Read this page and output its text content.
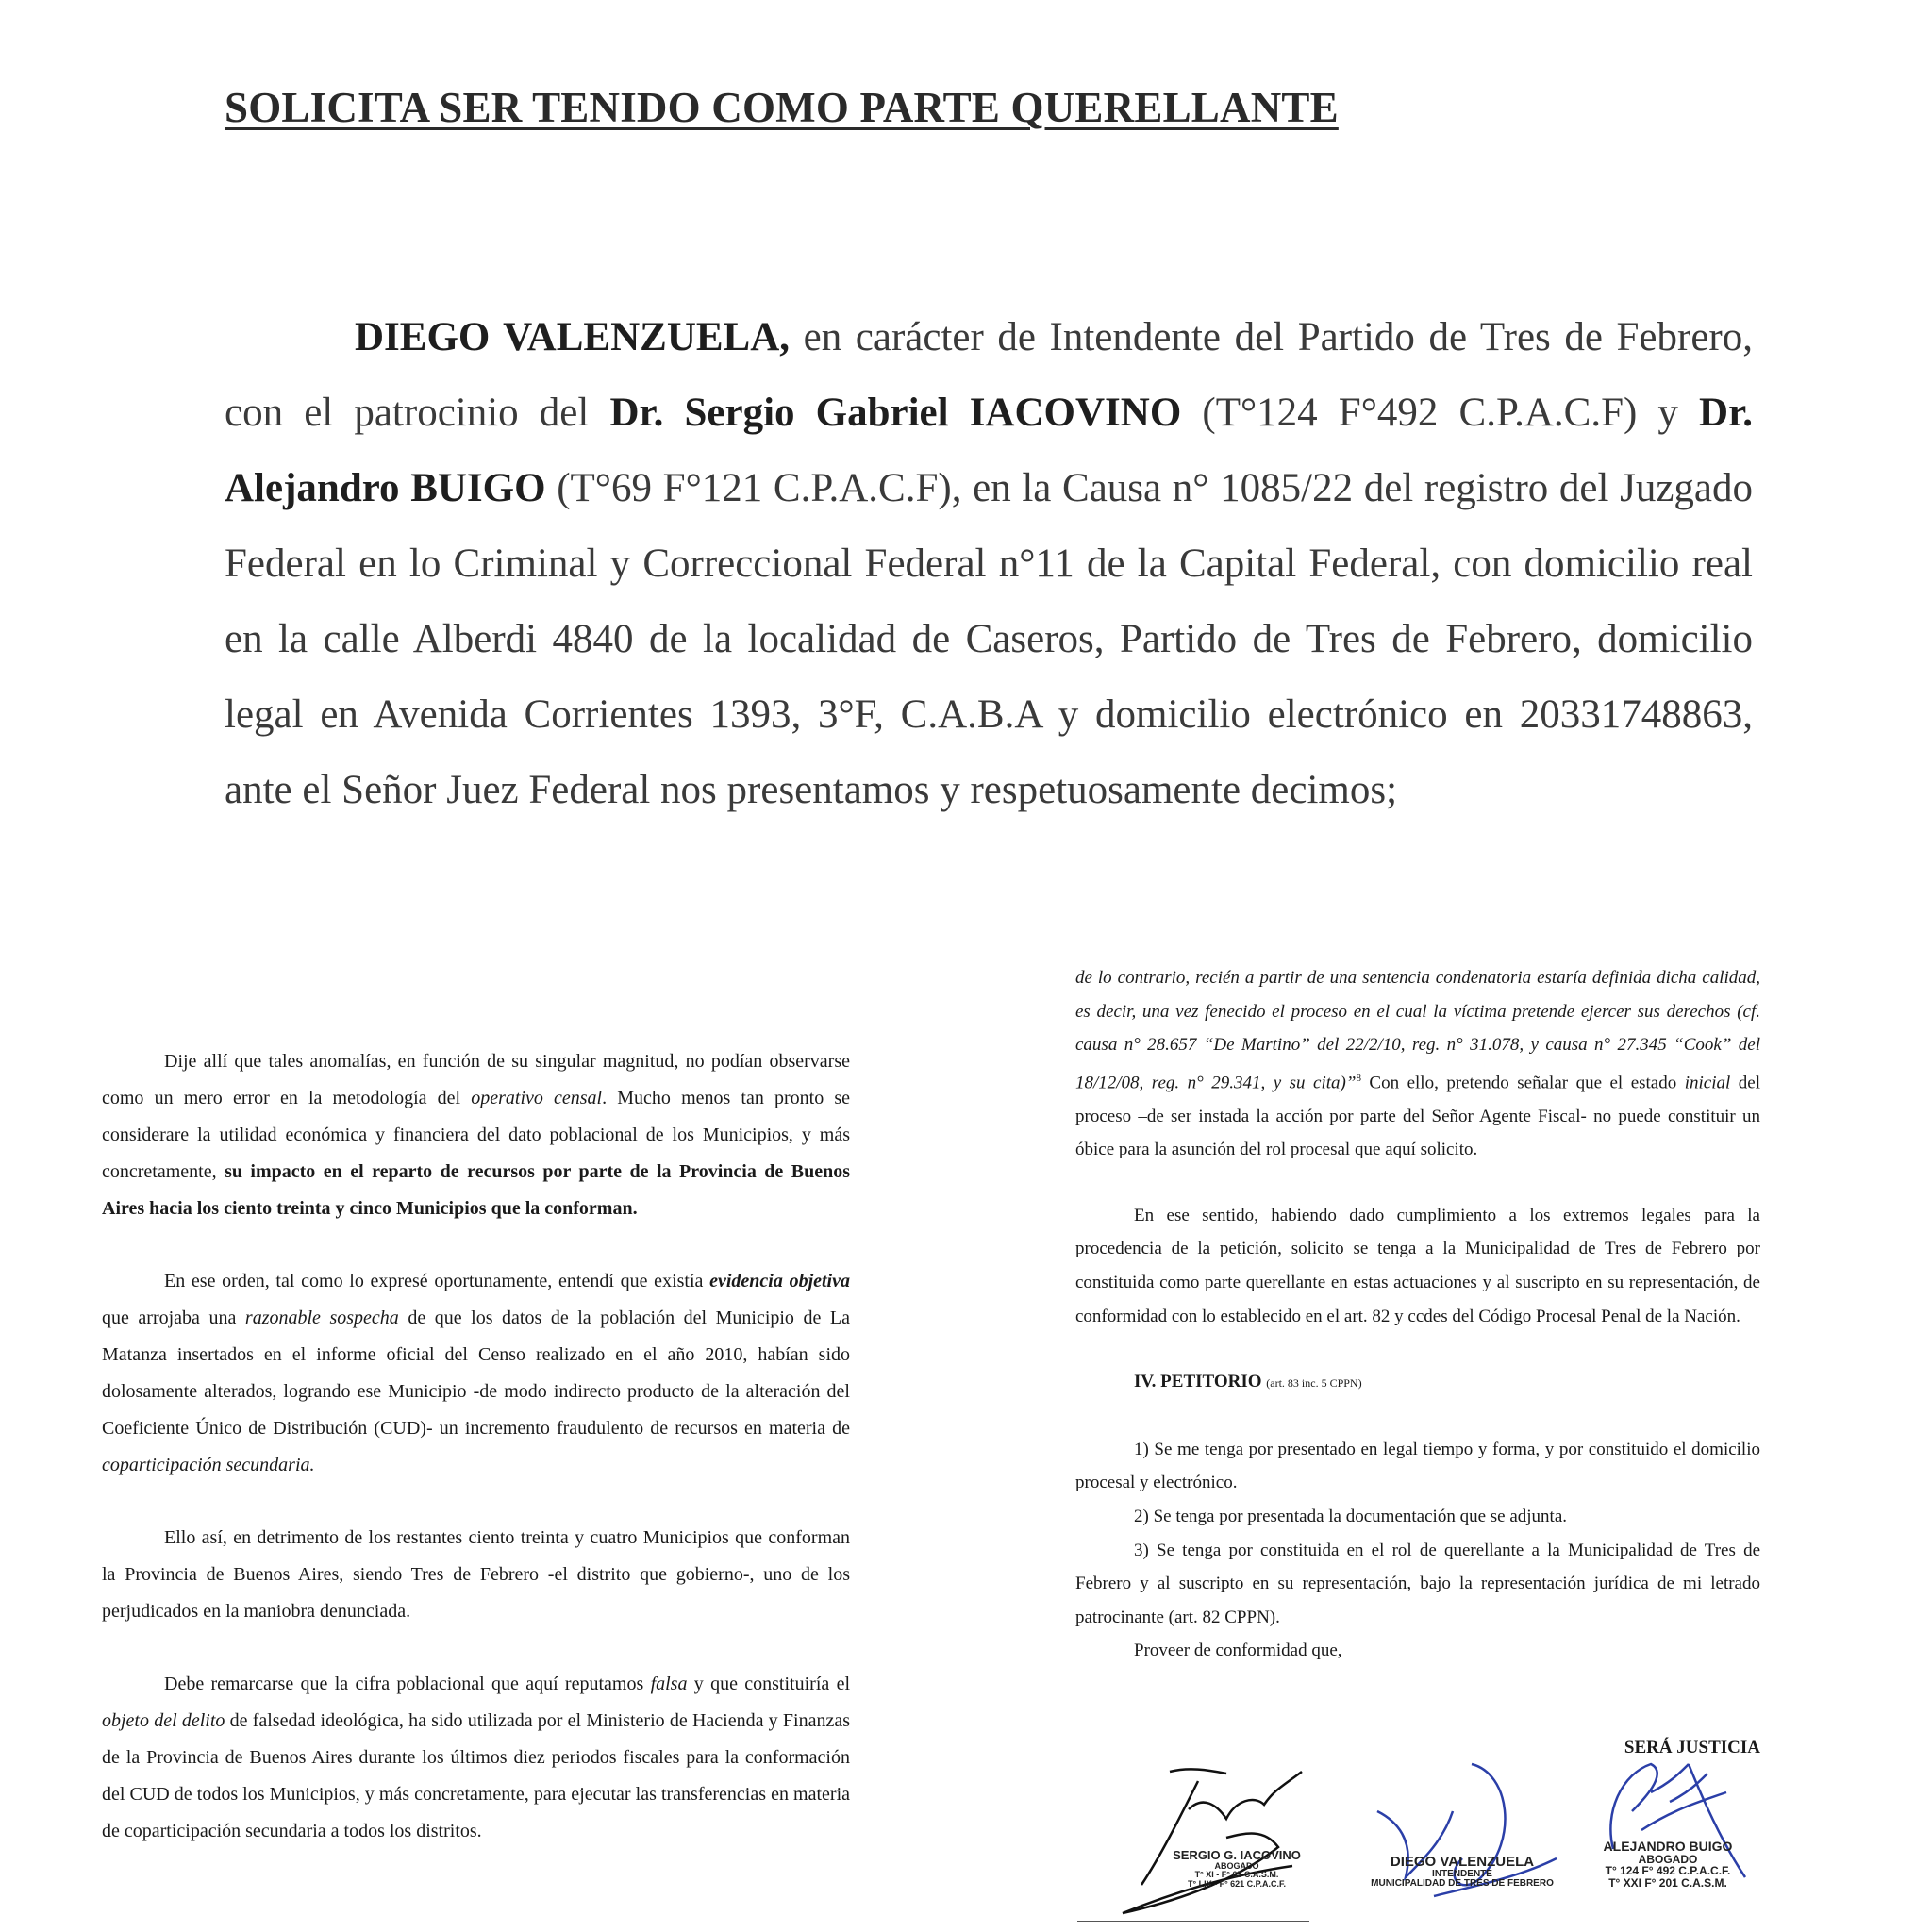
SOLICITA SER TENIDO COMO PARTE QUERELLANTE

DIEGO VALENZUELA, en carácter de Intendente del Partido de Tres de Febrero, con el patrocinio del Dr. Sergio Gabriel IACOVINO (T°124 F°492 C.P.A.C.F) y Dr. Alejandro BUIGO (T°69 F°121 C.P.A.C.F), en la Causa n° 1085/22 del registro del Juzgado Federal en lo Criminal y Correccional Federal n°11 de la Capital Federal, con domicilio real en la calle Alberdi 4840 de la localidad de Caseros, Partido de Tres de Febrero, domicilio legal en Avenida Corrientes 1393, 3°F, C.A.B.A y domicilio electrónico en 20331748863, ante el Señor Juez Federal nos presentamos y respetuosamente decimos;

Dije allí que tales anomalías, en función de su singular magnitud, no podían observarse como un mero error en la metodología del operativo censal. Mucho menos tan pronto se considerare la utilidad económica y financiera del dato poblacional de los Municipios, y más concretamente, su impacto en el reparto de recursos por parte de la Provincia de Buenos Aires hacia los ciento treinta y cinco Municipios que la conforman.

En ese orden, tal como lo expresé oportunamente, entendí que existía evidencia objetiva que arrojaba una razonable sospecha de que los datos de la población del Municipio de La Matanza insertados en el informe oficial del Censo realizado en el año 2010, habían sido dolosamente alterados, logrando ese Municipio -de modo indirecto producto de la alteración del Coeficiente Único de Distribución (CUD)- un incremento fraudulento de recursos en materia de coparticipación secundaria.

Ello así, en detrimento de los restantes ciento treinta y cuatro Municipios que conforman la Provincia de Buenos Aires, siendo Tres de Febrero -el distrito que gobierno-, uno de los perjudicados en la maniobra denunciada.

Debe remarcarse que la cifra poblacional que aquí reputamos falsa y que constituiría el objeto del delito de falsedad ideológica, ha sido utilizada por el Ministerio de Hacienda y Finanzas de la Provincia de Buenos Aires durante los últimos diez periodos fiscales para la conformación del CUD de todos los Municipios, y más concretamente, para ejecutar las transferencias en materia de coparticipación secundaria a todos los distritos.

de lo contrario, recién a partir de una sentencia condenatoria estaría definida dicha calidad, es decir, una vez fenecido el proceso en el cual la víctima pretende ejercer sus derechos (cf. causa n° 28.657 “De Martino” del 22/2/10, reg. n° 31.078, y causa n° 27.345 “Cook” del 18/12/08, reg. n° 29.341, y su cita)”$^8$ Con ello, pretendo señalar que el estado inicial del proceso –de ser instada la acción por parte del Señor Agente Fiscal- no puede constituir un óbice para la asunción del rol procesal que aquí solicito.

En ese sentido, habiendo dado cumplimiento a los extremos legales para la procedencia de la petición, solicito se tenga a la Municipalidad de Tres de Febrero por constituida como parte querellante en estas actuaciones y al suscripto en su representación, de conformidad con lo establecido en el art. 82 y ccdes del Código Procesal Penal de la Nación.

IV. PETITORIO (art. 83 inc. 5 CPPN)

1) Se me tenga por presentado en legal tiempo y forma, y por constituido el domicilio procesal y electrónico.

2) Se tenga por presentada la documentación que se adjunta.

3) Se tenga por constituida en el rol de querellante a la Municipalidad de Tres de Febrero y al suscripto en su representación, bajo la representación jurídica de mi letrado patrocinante (art. 82 CPPN).

Proveer de conformidad que,

SERÁ JUSTICIA

SERGIO G. IACOVINO
ABOGADO
T° XI - F° 65 C.A.S.M.
T° LIX - F° 621 C.P.A.C.F.
DIEGO VALENZUELA
INTENDENTE
MUNICIPALIDAD DE TRES DE FEBRERO
ALEJANDRO BUIGO
ABOGADO
T° 124 F° 492 C.P.A.C.F.
T° XXI F° 201 C.A.S.M.
